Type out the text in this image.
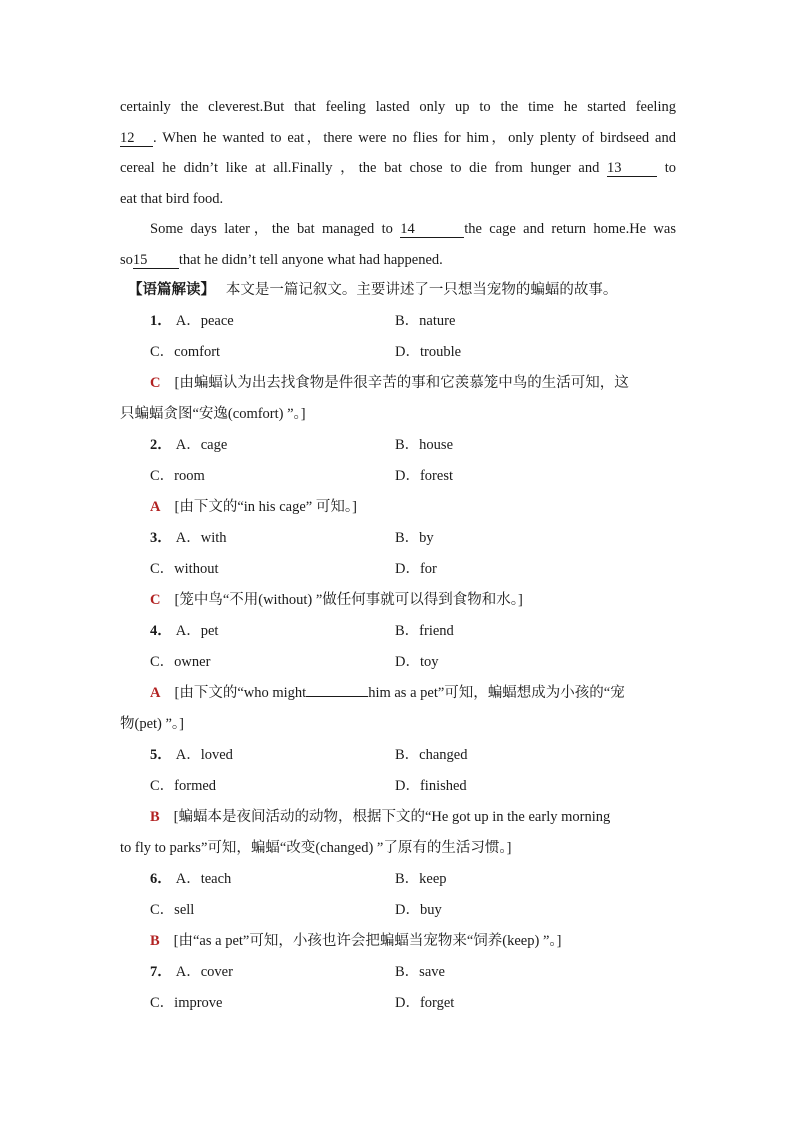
certainly the cleverest.But that feeling lasted only up to the time he started feeling
12 . When he wanted to eat，there were no flies for him，only plenty of birdseed and
cereal he didn’t like at all.Finally ，the bat chose to die from hunger and 13	to
eat that bird food.
Some days later，the bat managed to 14	the cage and return home.He was
so15 that he didn’t tell anyone what had happened.
【语篇解读】 本文是一篇记叙文。主要讲述了一只想当宠物的蝙蝠的故事。
1． A．peace	B．nature
C．comfort	D．trouble
C [由蝙蝠认为出去找食物是件很辛苦的事和它羡慕笼中鸟的生活可知，这
只蝙蝠贪图“安逸(comfort) ”。]
2． A．cage	B．house
C．room	D．forest
A [由下文的“in his cage” 可知。]
3． A．with	B．by
C．without	D．for
C [笼中鸟“不用(without) ”做任何事就可以得到食物和水。]
4． A．pet	B．friend
C．owner	D．toy
A [由下文的“who might	him as a pet”可知，蝙蝠想成为小孩的“宠
物(pet) ”。]
5． A．loved	B．changed
C．formed	D．finished
B [蝙蝠本是夜间活动的动物，根据下文的“He got up in the early morning
to fly to parks”可知，蝙蝠“改变(changed) ”了原有的生活习惯。]
6． A．teach	B．keep
C．sell	D．buy
B [由“as a pet”可知，小孩也许会把蝙蝠当宠物来“饲养(keep) ”。]
7． A．cover	B．save
C．improve	D．forget
